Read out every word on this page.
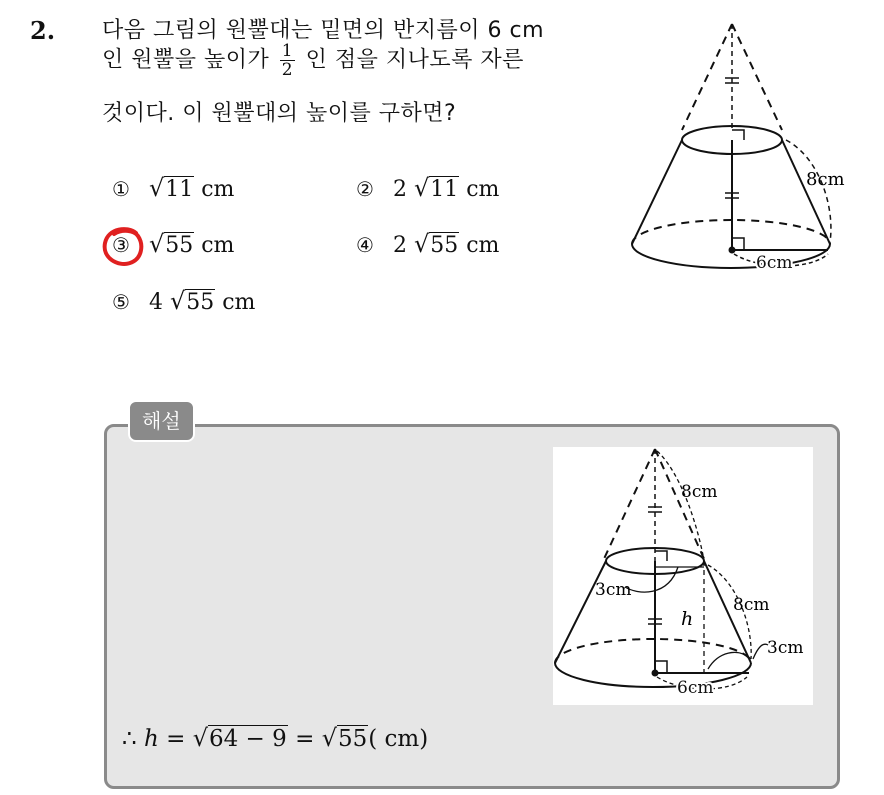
2. 다음 그림의 원뿔대는 밑면의 반지름이 6 cm
인 원뿔을 높이가 $\frac{1}{2}$ 인 점을 지나도록 자른
것이다. 이 원뿔대의 높이를 구하면?
① √11 cm	② 2 √11 cm
③ √55 cm	④ 2 √55 cm
⑤ 4 √55 cm
8cm
6cm
해설
8cm
3cm
h
8cm
3cm
6cm
∴ h = √64 − 9 = √55( cm)
